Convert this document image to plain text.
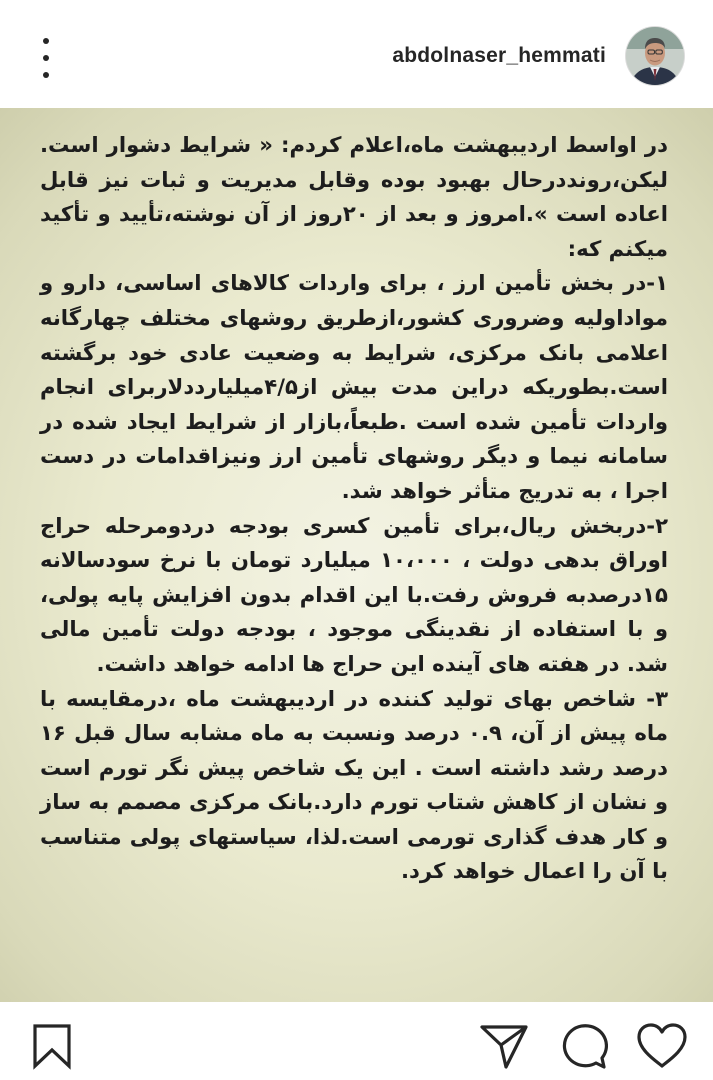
abdolnaser_hemmati
در اواسط اردیبهشت ماه،اعلام کردم: « شرایط دشوار است. لیکن،رونددرحال بهبود بوده وقابل مدیریت و ثبات نیز قابل اعاده است ».امروز و بعد از ۲۰روز از آن نوشته،تأیید و تأکید میکنم که:
۱-در بخش تأمین ارز ، برای واردات کالاهای اساسی، دارو و مواداولیه وضروری کشور،ازطریق روشهای مختلف چهارگانه اعلامی بانک مرکزی، شرایط به وضعیت عادی خود برگشته است.بطوریکه دراین مدت بیش از۴/۵میلیارددلاربرای انجام واردات تأمین شده است .طبعاً،بازار از شرایط ایجاد شده در سامانه نیما و دیگر روشهای تأمین ارز ونیزاقدامات در دست اجرا ، به تدریج متأثر خواهد شد.
۲-دربخش ریال،برای تأمین کسری بودجه دردومرحله حراج اوراق بدهی دولت ، ۱۰،۰۰۰ میلیارد تومان با نرخ سودسالانه ۱۵درصدبه فروش رفت.با این اقدام بدون افزایش پایه پولی، و با استفاده از نقدینگی موجود ، بودجه دولت تأمین مالی شد. در هفته های آینده این حراج ها ادامه خواهد داشت.
۳- شاخص بهای تولید کننده در اردیبهشت ماه ،درمقایسه با ماه پیش از آن، ۰.۹ درصد ونسبت به ماه مشابه سال قبل ۱۶ درصد رشد داشته است . این یک شاخص پیش نگر تورم است و نشان از کاهش شتاب تورم دارد.بانک مرکزی مصمم به ساز و کار هدف گذاری تورمی است.لذا، سیاستهای پولی متناسب با آن را اعمال خواهد کرد.
